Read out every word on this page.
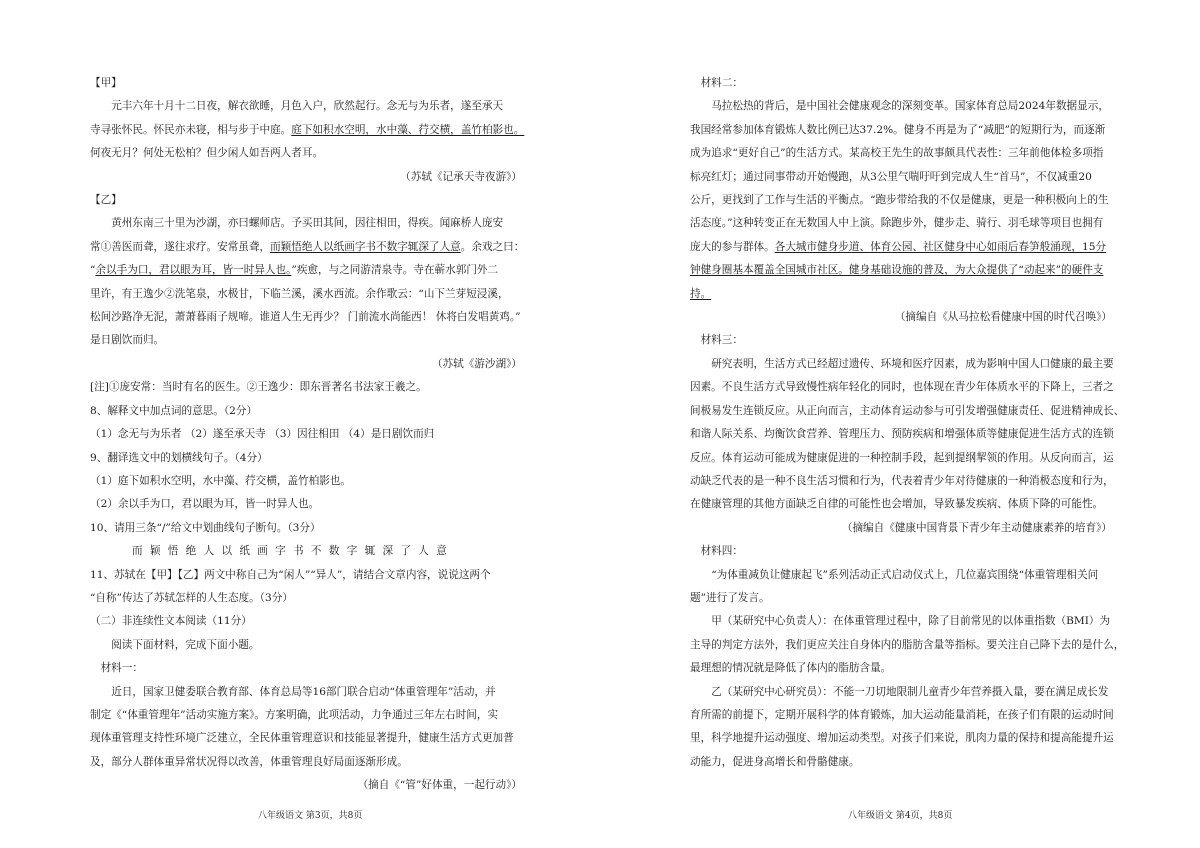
【甲】

元丰六年十月十二日夜，解衣欲睡，月色入户，欣然起行。念无与为乐者，遂至承天

寺寻张怀民。怀民亦未寝，相与步于中庭。庭下如积水空明，水中藻、荇交横，盖竹柏影也。

何夜无月？何处无松柏？但少闲人如吾两人者耳。

（苏轼《记承天寺夜游》）

【乙】

黄州东南三十里为沙湖，亦曰螺师店。予买田其间，因往相田，得疾。闻麻桥人庞安

常①善医而聋，遂往求疗。安常虽聋，而颖悟绝人以纸画字书不数字辄深了人意。余戏之曰：

“余以手为口，君以眼为耳，皆一时异人也。”疾愈，与之同游清泉寺。寺在蕲水郭门外二

里许，有王逸少②洗笔泉，水极甘，下临兰溪，溪水西流。余作歌云：“山下兰芽短浸溪，

松间沙路净无泥，萧萧暮雨子规啼。谁道人生无再少？ 门前流水尚能西！ 休将白发唱黄鸡。”

是日剧饮而归。

（苏轼《游沙湖》）

[注]①庞安常：当时有名的医生。②王逸少：即东晋著名书法家王羲之。

8、解释文中加点词的意思。（2分）

（1）念无与为乐者 （2）遂至承天寺 （3）因往相田 （4）是日剧饮而归

9、翻译选文中的划横线句子。（4分）

（1）庭下如积水空明，水中藻、荇交横，盖竹柏影也。

（2）余以手为口，君以眼为耳，皆一时异人也。

10、请用三条“/”给文中划曲线句子断句。（3分）

而颖悟绝人以纸画字书不数字辄深了人意

11、苏轼在【甲】【乙】两文中称自己为“闲人”“异人”，请结合文章内容，说说这两个

“自称”传达了苏轼怎样的人生态度。（3分）

（二）非连续性文本阅读（11分）

阅读下面材料，完成下面小题。

材料一：

近日，国家卫健委联合教育部、体育总局等16部门联合启动“体重管理年”活动，并

制定《“体重管理年”活动实施方案》。方案明确，此项活动，力争通过三年左右时间，实

现体重管理支持性环境广泛建立，全民体重管理意识和技能显著提升，健康生活方式更加普

及，部分人群体重异常状况得以改善，体重管理良好局面逐渐形成。

（摘自《“管”好体重，一起行动》）

材料二：

马拉松热的背后，是中国社会健康观念的深刻变革。国家体育总局2024年数据显示，

我国经常参加体育锻炼人数比例已达37.2%。健身不再是为了“减肥”的短期行为，而逐渐

成为追求“更好自己”的生活方式。某高校王先生的故事颇具代表性：三年前他体检多项指

标亮红灯；通过同事带动开始慢跑，从3公里气喘吁吁到完成人生“首马”，不仅减重20

公斤，更找到了工作与生活的平衡点。“跑步带给我的不仅是健康，更是一种积极向上的生

活态度。”这种转变正在无数国人中上演。除跑步外，健步走、骑行、羽毛球等项目也拥有

庞大的参与群体。各大城市健身步道、体育公园、社区健身中心如雨后春笋般涌现，15分

钟健身圈基本覆盖全国城市社区。健身基础设施的普及，为大众提供了“动起来”的硬件支

持。

（摘编自《从马拉松看健康中国的时代召唤》）

材料三：

研究表明，生活方式已经超过遗传、环境和医疗因素，成为影响中国人口健康的最主要

因素。不良生活方式导致慢性病年轻化的同时，也体现在青少年体质水平的下降上，三者之

间极易发生连锁反应。从正向而言，主动体育运动参与可引发增强健康责任、促进精神成长、

和谐人际关系、均衡饮食营养、管理压力、预防疾病和增强体质等健康促进生活方式的连锁

反应。体育运动可能成为健康促进的一种控制手段，起到提纲挈领的作用。从反向而言，运

动缺乏代表的是一种不良生活习惯和行为，代表着青少年对待健康的一种消极态度和行为，

在健康管理的其他方面缺乏自律的可能性也会增加，导致暴发疾病、体质下降的可能性。

（摘编自《健康中国背景下青少年主动健康素养的培育》）

材料四：

“为体重减负让健康起飞”系列活动正式启动仪式上，几位嘉宾围绕“体重管理相关问

题”进行了发言。

甲（某研究中心负责人）：在体重管理过程中，除了目前常见的以体重指数（BMI）为

主导的判定方法外，我们更应关注自身体内的脂肪含量等指标。要关注自己降下去的是什么，

最理想的情况就是降低了体内的脂肪含量。

乙（某研究中心研究员）：不能一刀切地限制儿童青少年营养摄入量，要在满足成长发

育所需的前提下，定期开展科学的体育锻炼，加大运动能量消耗，在孩子们有限的运动时间

里，科学地提升运动强度、增加运动类型。对孩子们来说，肌肉力量的保持和提高能提升运

动能力，促进身高增长和骨骼健康。

八年级语文 第3页，共8页	八年级语文 第4页，共8页
